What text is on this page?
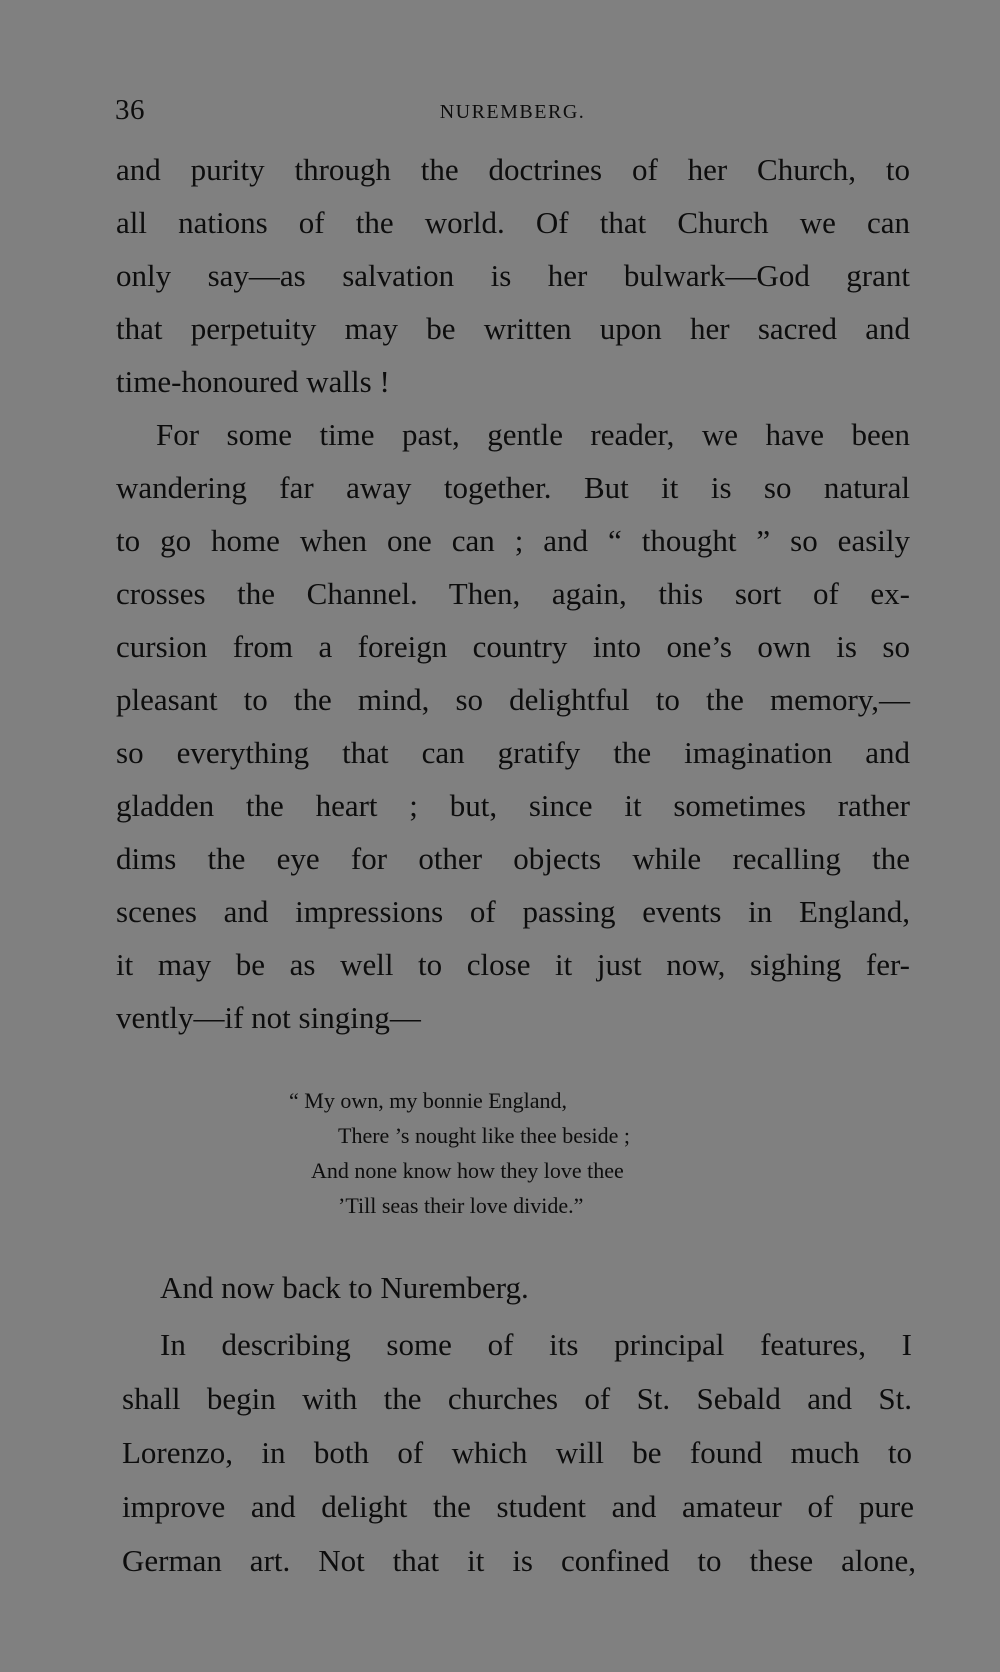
36	NUREMBERG.
and purity through the doctrines of her Church, to
all nations of the world. Of that Church we can
only say—as salvation is her bulwark—God grant
that perpetuity may be written upon her sacred and
time-honoured walls !
For some time past, gentle reader, we have been
wandering far away together. But it is so natural
to go home when one can ; and “ thought ” so easily
crosses the Channel. Then, again, this sort of ex-
cursion from a foreign country into one’s own is so
pleasant to the mind, so delightful to the memory,—
so everything that can gratify the imagination and
gladden the heart ; but, since it sometimes rather
dims the eye for other objects while recalling the
scenes and impressions of passing events in England,
it may be as well to close it just now, sighing fer-
vently—if not singing—
“ My own, my bonnie England,
There ’s nought like thee beside ;
And none know how they love thee
’Till seas their love divide.”
And now back to Nuremberg.
In describing some of its principal features, I
shall begin with the churches of St. Sebald and St.
Lorenzo, in both of which will be found much to
improve and delight the student and amateur of pure
German art. Not that it is confined to these alone,
